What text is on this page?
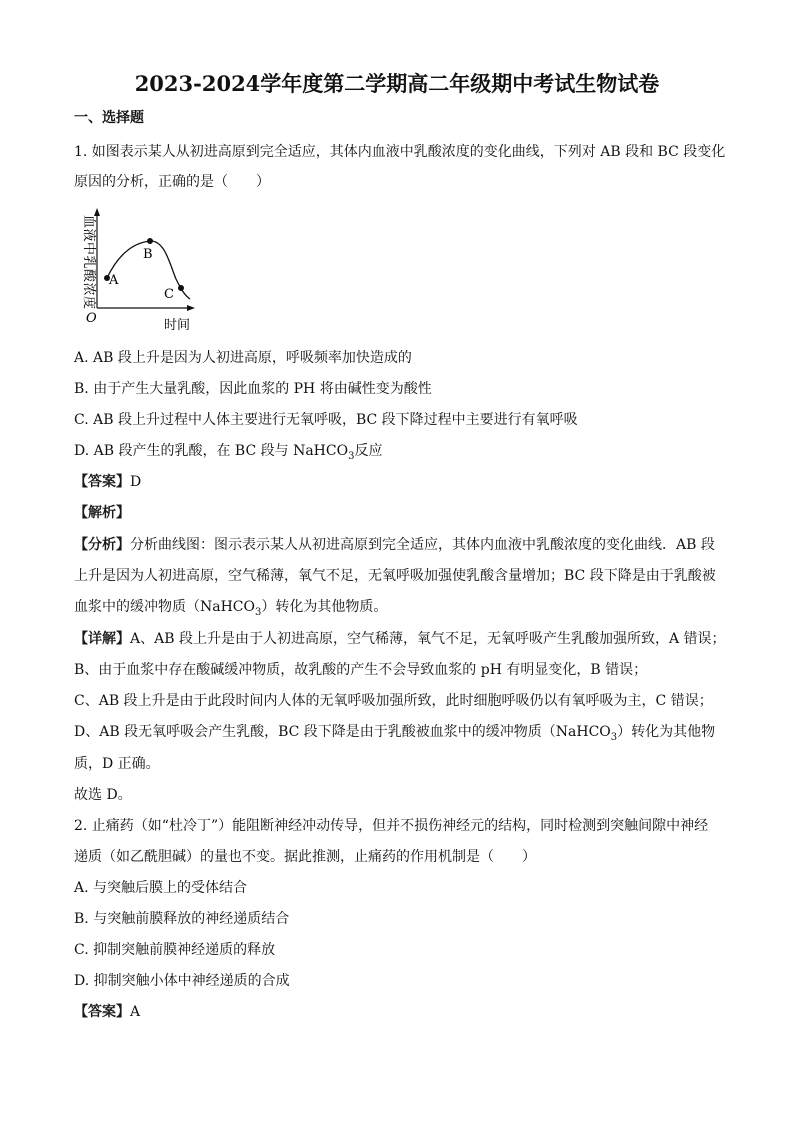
2023-2024学年度第二学期高二年级期中考试生物试卷
一、选择题
1. 如图表示某人从初进高原到完全适应，其体内血液中乳酸浓度的变化曲线，下列对 AB 段和 BC 段变化
原因的分析，正确的是（　　）
A
B
C
O	时间
血液中乳酸浓度
A. AB 段上升是因为人初进高原，呼吸频率加快造成的
B. 由于产生大量乳酸，因此血浆的 PH 将由碱性变为酸性
C. AB 段上升过程中人体主要进行无氧呼吸，BC 段下降过程中主要进行有氧呼吸
D. AB 段产生的乳酸，在 BC 段与 NaHCO$_3$反应
【答案】D
【解析】
【分析】分析曲线图：图示表示某人从初进高原到完全适应，其体内血液中乳酸浓度的变化曲线．AB 段
上升是因为人初进高原，空气稀薄，氧气不足，无氧呼吸加强使乳酸含量增加；BC 段下降是由于乳酸被
血浆中的缓冲物质（NaHCO$_3$）转化为其他物质。
【详解】A、AB 段上升是由于人初进高原，空气稀薄，氧气不足，无氧呼吸产生乳酸加强所致，A 错误；
B、由于血浆中存在酸碱缓冲物质，故乳酸的产生不会导致血浆的 pH 有明显变化，B 错误；
C、AB 段上升是由于此段时间内人体的无氧呼吸加强所致，此时细胞呼吸仍以有氧呼吸为主，C 错误；
D、AB 段无氧呼吸会产生乳酸，BC 段下降是由于乳酸被血浆中的缓冲物质（NaHCO$_3$）转化为其他物
质，D 正确。
故选 D。
2. 止痛药（如“杜冷丁”）能阻断神经冲动传导，但并不损伤神经元的结构，同时检测到突触间隙中神经
递质（如乙酰胆碱）的量也不变。据此推测，止痛药的作用机制是（　　）
A. 与突触后膜上的受体结合
B. 与突触前膜释放的神经递质结合
C. 抑制突触前膜神经递质的释放
D. 抑制突触小体中神经递质的合成
【答案】A
